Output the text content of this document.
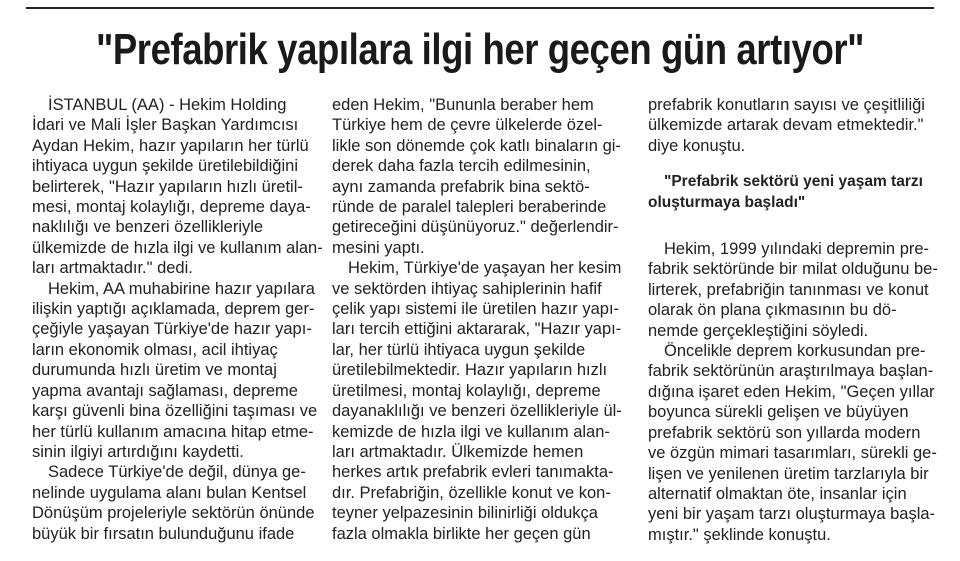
"Prefabrik yapılara ilgi her geçen gün artıyor"

İSTANBUL (AA) - Hekim Holding
İdari ve Mali İşler Başkan Yardımcısı
Aydan Hekim, hazır yapıların her türlü
ihtiyaca uygun şekilde üretilebildiğini
belirterek, "Hazır yapıların hızlı üretil-
mesi, montaj kolaylığı, depreme daya-
naklılığı ve benzeri özellikleriyle
ülkemizde de hızla ilgi ve kullanım alan-
ları artmaktadır." dedi.

Hekim, AA muhabirine hazır yapılara
ilişkin yaptığı açıklamada, deprem ger-
çeğiyle yaşayan Türkiye'de hazır yapı-
ların ekonomik olması, acil ihtiyaç
durumunda hızlı üretim ve montaj
yapma avantajı sağlaması, depreme
karşı güvenli bina özelliğini taşıması ve
her türlü kullanım amacına hitap etme-
sinin ilgiyi artırdığını kaydetti.

Sadece Türkiye'de değil, dünya ge-
nelinde uygulama alanı bulan Kentsel
Dönüşüm projeleriyle sektörün önünde
büyük bir fırsatın bulunduğunu ifade

eden Hekim, "Bununla beraber hem
Türkiye hem de çevre ülkelerde özel-
likle son dönemde çok katlı binaların gi-
derek daha fazla tercih edilmesinin,
aynı zamanda prefabrik bina sektö-
ründe de paralel talepleri beraberinde
getireceğini düşünüyoruz." değerlendir-
mesini yaptı.

Hekim, Türkiye'de yaşayan her kesim
ve sektörden ihtiyaç sahiplerinin hafif
çelik yapı sistemi ile üretilen hazır yapı-
ları tercih ettiğini aktararak, "Hazır yapı-
lar, her türlü ihtiyaca uygun şekilde
üretilebilmektedir. Hazır yapıların hızlı
üretilmesi, montaj kolaylığı, depreme
dayanaklılığı ve benzeri özellikleriyle ül-
kemizde de hızla ilgi ve kullanım alan-
ları artmaktadır. Ülkemizde hemen
herkes artık prefabrik evleri tanımakta-
dır. Prefabriğin, özellikle konut ve kon-
teyner yelpazesinin bilinirliği oldukça
fazla olmakla birlikte her geçen gün

prefabrik konutların sayısı ve çeşitliliği
ülkemizde artarak devam etmektedir."
diye konuştu.
"Prefabrik sektörü yeni yaşam tarzı
oluşturmaya başladı"

Hekim, 1999 yılındaki depremin pre-
fabrik sektöründe bir milat olduğunu be-
lirterek, prefabriğin tanınması ve konut
olarak ön plana çıkmasının bu dö-
nemde gerçekleştiğini söyledi.

Öncelikle deprem korkusundan pre-
fabrik sektörünün araştırılmaya başlan-
dığına işaret eden Hekim, "Geçen yıllar
boyunca sürekli gelişen ve büyüyen
prefabrik sektörü son yıllarda modern
ve özgün mimari tasarımları, sürekli ge-
lişen ve yenilenen üretim tarzlarıyla bir
alternatif olmaktan öte, insanlar için
yeni bir yaşam tarzı oluşturmaya başla-
mıştır." şeklinde konuştu.
